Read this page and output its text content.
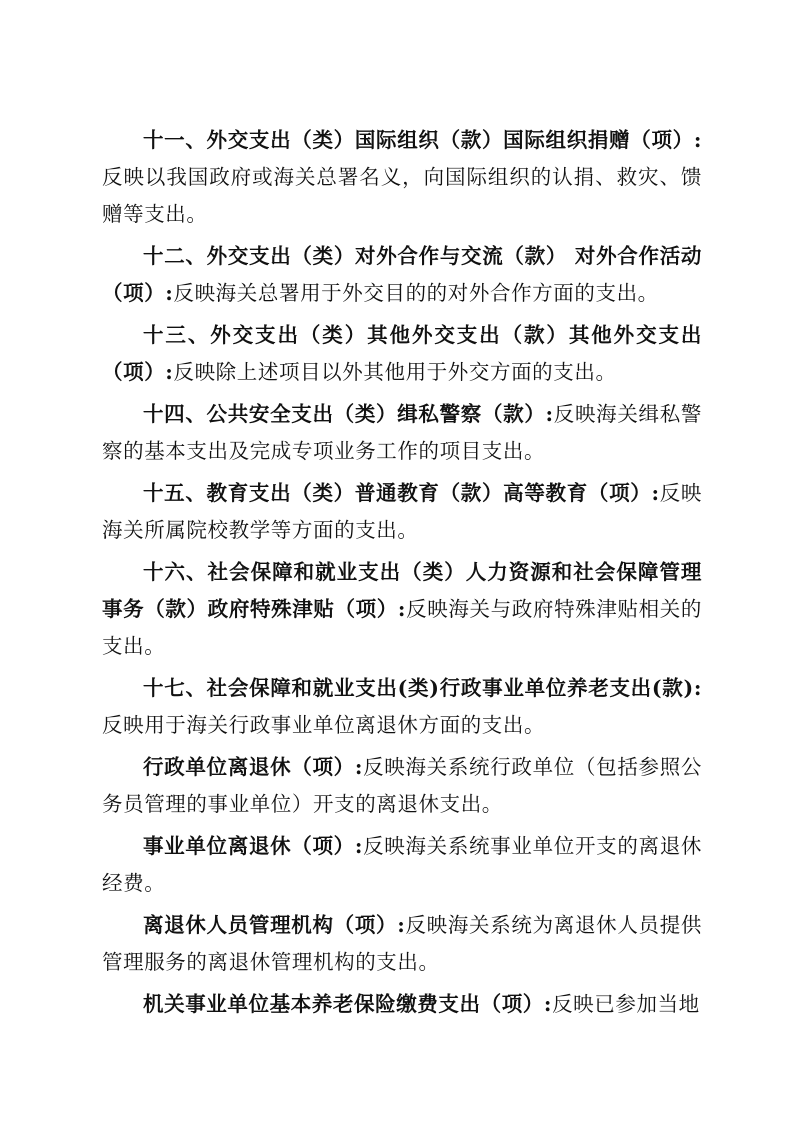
十一、外交支出（类）国际组织（款）国际组织捐赠（项）:反映以我国政府或海关总署名义，向国际组织的认捐、救灾、馈赠等支出。

十二、外交支出（类）对外合作与交流（款） 对外合作活动（项）:反映海关总署用于外交目的的对外合作方面的支出。

十三、外交支出（类）其他外交支出（款）其他外交支出（项）:反映除上述项目以外其他用于外交方面的支出。

十四、公共安全支出（类）缉私警察（款）:反映海关缉私警察的基本支出及完成专项业务工作的项目支出。

十五、教育支出（类）普通教育（款）高等教育（项）:反映海关所属院校教学等方面的支出。

十六、社会保障和就业支出（类）人力资源和社会保障管理事务（款）政府特殊津贴（项）:反映海关与政府特殊津贴相关的支出。

十七、社会保障和就业支出(类)行政事业单位养老支出(款):反映用于海关行政事业单位离退休方面的支出。

行政单位离退休（项）:反映海关系统行政单位（包括参照公务员管理的事业单位）开支的离退休支出。

事业单位离退休（项）:反映海关系统事业单位开支的离退休经费。

离退休人员管理机构（项）:反映海关系统为离退休人员提供管理服务的离退休管理机构的支出。

机关事业单位基本养老保险缴费支出（项）:反映已参加当地
